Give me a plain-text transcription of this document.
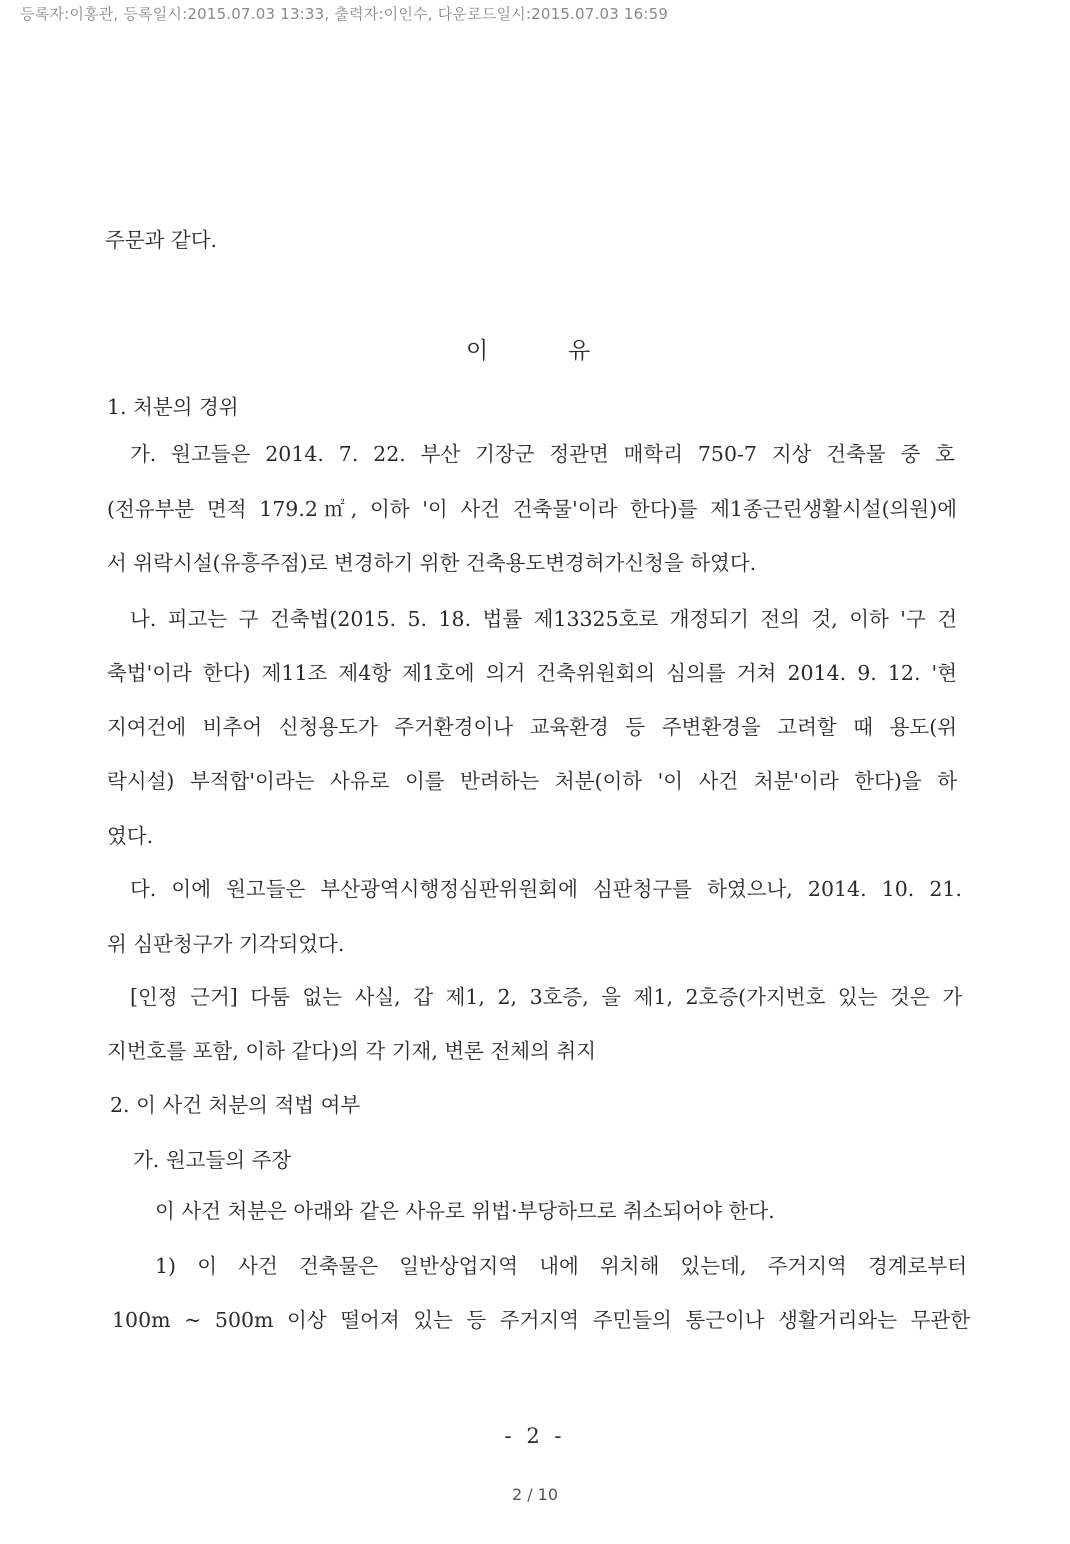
등록자:이홍관, 등록일시:2015.07.03 13:33, 출력자:이인수, 다운로드일시:2015.07.03 16:59
주문과 같다.
이	유
1. 처분의 경위
가. 원고들은 2014. 7. 22. 부산 기장군 정관면 매학리 750-7 지상 건축물 중 호
(전유부분 면적 179.2㎡, 이하 '이 사건 건축물'이라 한다)를 제1종근린생활시설(의원)에
서 위락시설(유흥주점)로 변경하기 위한 건축용도변경허가신청을 하였다.
나. 피고는 구 건축법(2015. 5. 18. 법률 제13325호로 개정되기 전의 것, 이하 '구 건
축법'이라 한다) 제11조 제4항 제1호에 의거 건축위원회의 심의를 거쳐 2014. 9. 12. '현
지여건에 비추어 신청용도가 주거환경이나 교육환경 등 주변환경을 고려할 때 용도(위
락시설) 부적합'이라는 사유로 이를 반려하는 처분(이하 '이 사건 처분'이라 한다)을 하
였다.
다. 이에 원고들은 부산광역시행정심판위원회에 심판청구를 하였으나, 2014. 10. 21.
위 심판청구가 기각되었다.
[인정 근거] 다툼 없는 사실, 갑 제1, 2, 3호증, 을 제1, 2호증(가지번호 있는 것은 가
지번호를 포함, 이하 같다)의 각 기재, 변론 전체의 취지
2. 이 사건 처분의 적법 여부
가. 원고들의 주장
이 사건 처분은 아래와 같은 사유로 위법·부당하므로 취소되어야 한다.
1) 이 사건 건축물은 일반상업지역 내에 위치해 있는데, 주거지역 경계로부터
100m ~ 500m 이상 떨어져 있는 등 주거지역 주민들의 통근이나 생활거리와는 무관한
- 2 -
2 / 10
